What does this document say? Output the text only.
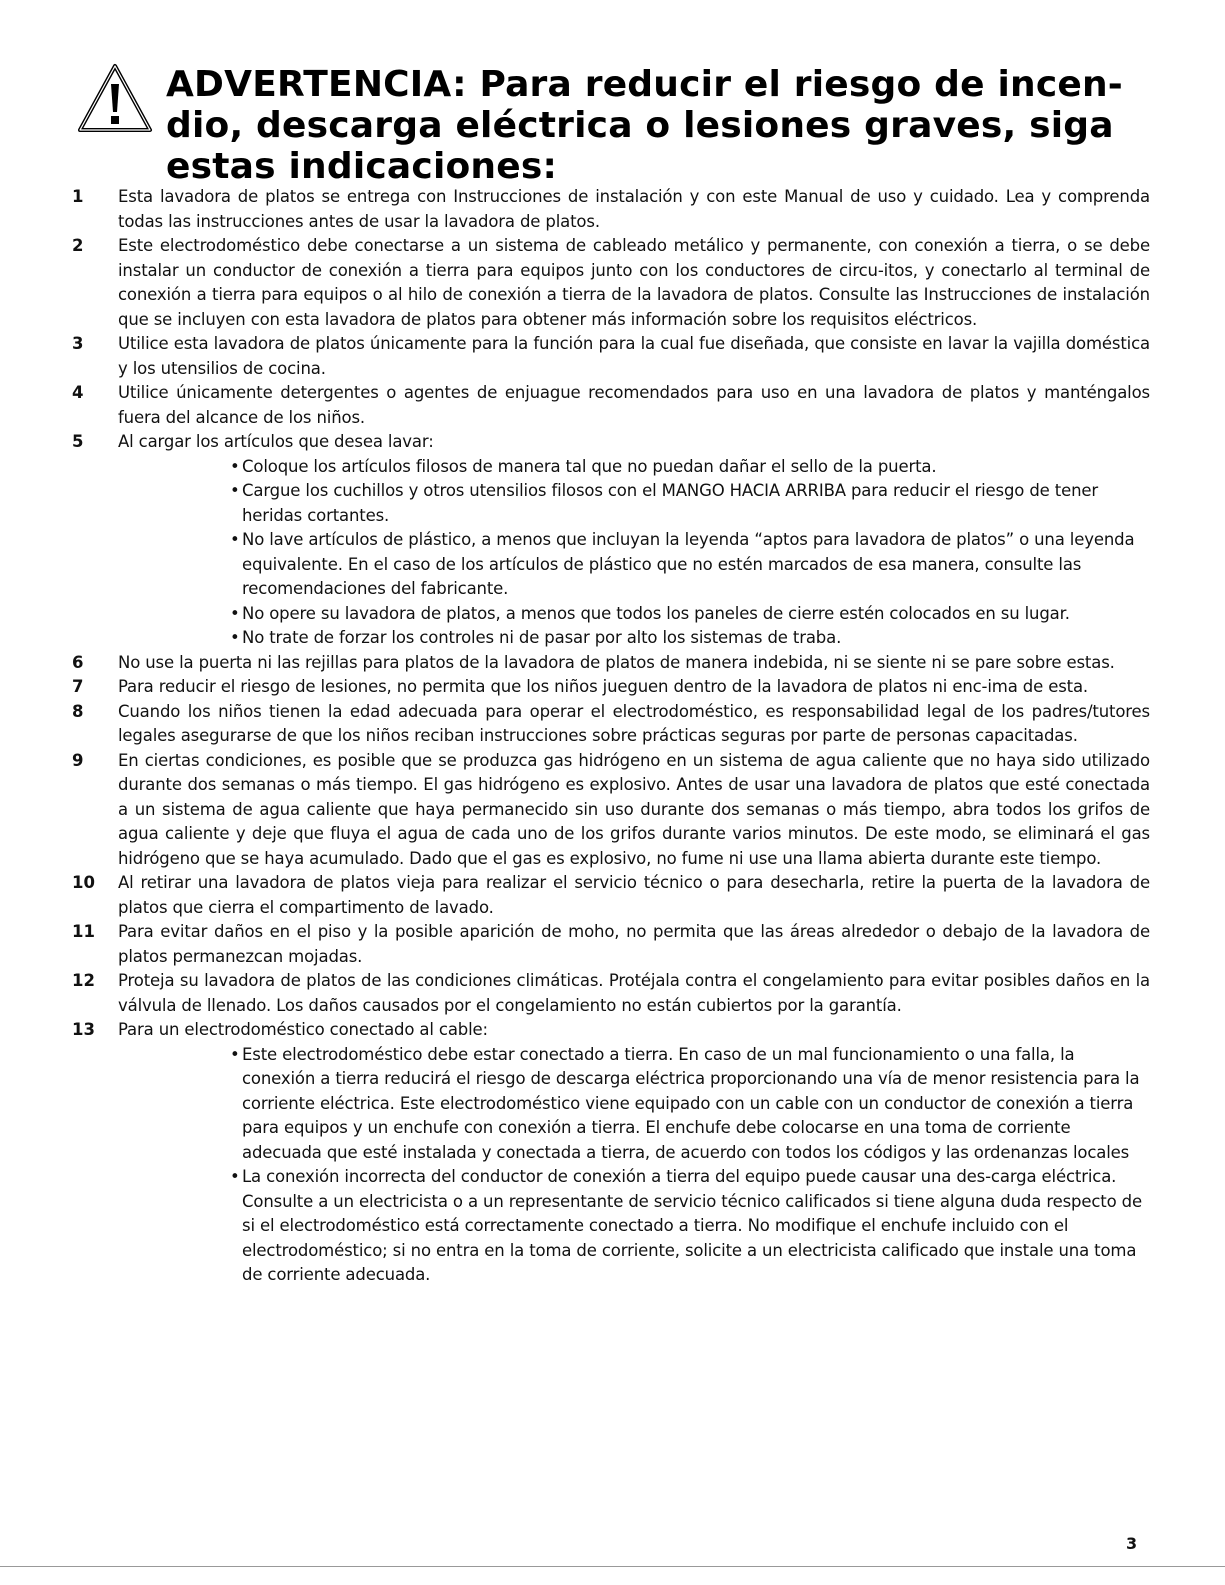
ADVERTENCIA: Para reducir el riesgo de incen-
dio, descarga eléctrica o lesiones graves, siga
estas indicaciones:
1	Esta lavadora de platos se entrega con Instrucciones de instalación y con este Manual de uso y cuidado. Lea y comprenda todas las instrucciones antes de usar la lavadora de platos.
2	Este electrodoméstico debe conectarse a un sistema de cableado metálico y permanente, con conexión a tierra, o se debe instalar un conductor de conexión a tierra para equipos junto con los conductores de circu-itos, y conectarlo al terminal de conexión a tierra para equipos o al hilo de conexión a tierra de la lavadora de platos. Consulte las Instrucciones de instalación que se incluyen con esta lavadora de platos para obtener más información sobre los requisitos eléctricos.
3	Utilice esta lavadora de platos únicamente para la función para la cual fue diseñada, que consiste en lavar la vajilla doméstica y los utensilios de cocina.
4	Utilice únicamente detergentes o agentes de enjuague recomendados para uso en una lavadora de platos y manténgalos fuera del alcance de los niños.
5	Al cargar los artículos que desea lavar:
• Coloque los artículos filosos de manera tal que no puedan dañar el sello de la puerta.
• Cargue los cuchillos y otros utensilios filosos con el MANGO HACIA ARRIBA para reducir el riesgo de tener heridas cortantes.
• No lave artículos de plástico, a menos que incluyan la leyenda “aptos para lavadora de platos” o una leyenda equivalente. En el caso de los artículos de plástico que no estén marcados de esa manera, consulte las recomendaciones del fabricante.
• No opere su lavadora de platos, a menos que todos los paneles de cierre estén colocados en su lugar.
• No trate de forzar los controles ni de pasar por alto los sistemas de traba.
6	No use la puerta ni las rejillas para platos de la lavadora de platos de manera indebida, ni se siente ni se pare sobre estas.
7	Para reducir el riesgo de lesiones, no permita que los niños jueguen dentro de la lavadora de platos ni enc-ima de esta.
8	Cuando los niños tienen la edad adecuada para operar el electrodoméstico, es responsabilidad legal de los padres/tutores legales asegurarse de que los niños reciban instrucciones sobre prácticas seguras por parte de personas capacitadas.
9	En ciertas condiciones, es posible que se produzca gas hidrógeno en un sistema de agua caliente que no haya sido utilizado durante dos semanas o más tiempo. El gas hidrógeno es explosivo. Antes de usar una lavadora de platos que esté conectada a un sistema de agua caliente que haya permanecido sin uso durante dos semanas o más tiempo, abra todos los grifos de agua caliente y deje que fluya el agua de cada uno de los grifos durante varios minutos. De este modo, se eliminará el gas hidrógeno que se haya acumulado. Dado que el gas es explosivo, no fume ni use una llama abierta durante este tiempo.
10	Al retirar una lavadora de platos vieja para realizar el servicio técnico o para desecharla, retire la puerta de la lavadora de platos que cierra el compartimento de lavado.
11	Para evitar daños en el piso y la posible aparición de moho, no permita que las áreas alrededor o debajo de la lavadora de platos permanezcan mojadas.
12	Proteja su lavadora de platos de las condiciones climáticas. Protéjala contra el congelamiento para evitar posibles daños en la válvula de llenado. Los daños causados por el congelamiento no están cubiertos por la garantía.
13	Para un electrodoméstico conectado al cable:
• Este electrodoméstico debe estar conectado a tierra. En caso de un mal funcionamiento o una falla, la conexión a tierra reducirá el riesgo de descarga eléctrica proporcionando una vía de menor resistencia para la corriente eléctrica. Este electrodoméstico viene equipado con un cable con un conductor de conexión a tierra para equipos y un enchufe con conexión a tierra. El enchufe debe colocarse en una toma de corriente adecuada que esté instalada y conectada a tierra, de acuerdo con todos los códigos y las ordenanzas locales
• La conexión incorrecta del conductor de conexión a tierra del equipo puede causar una des-carga eléctrica. Consulte a un electricista o a un representante de servicio técnico calificados si tiene alguna duda respecto de si el electrodoméstico está correctamente conectado a tierra. No modifique el enchufe incluido con el electrodoméstico; si no entra en la toma de corriente, solicite a un electricista calificado que instale una toma de corriente adecuada.
3
